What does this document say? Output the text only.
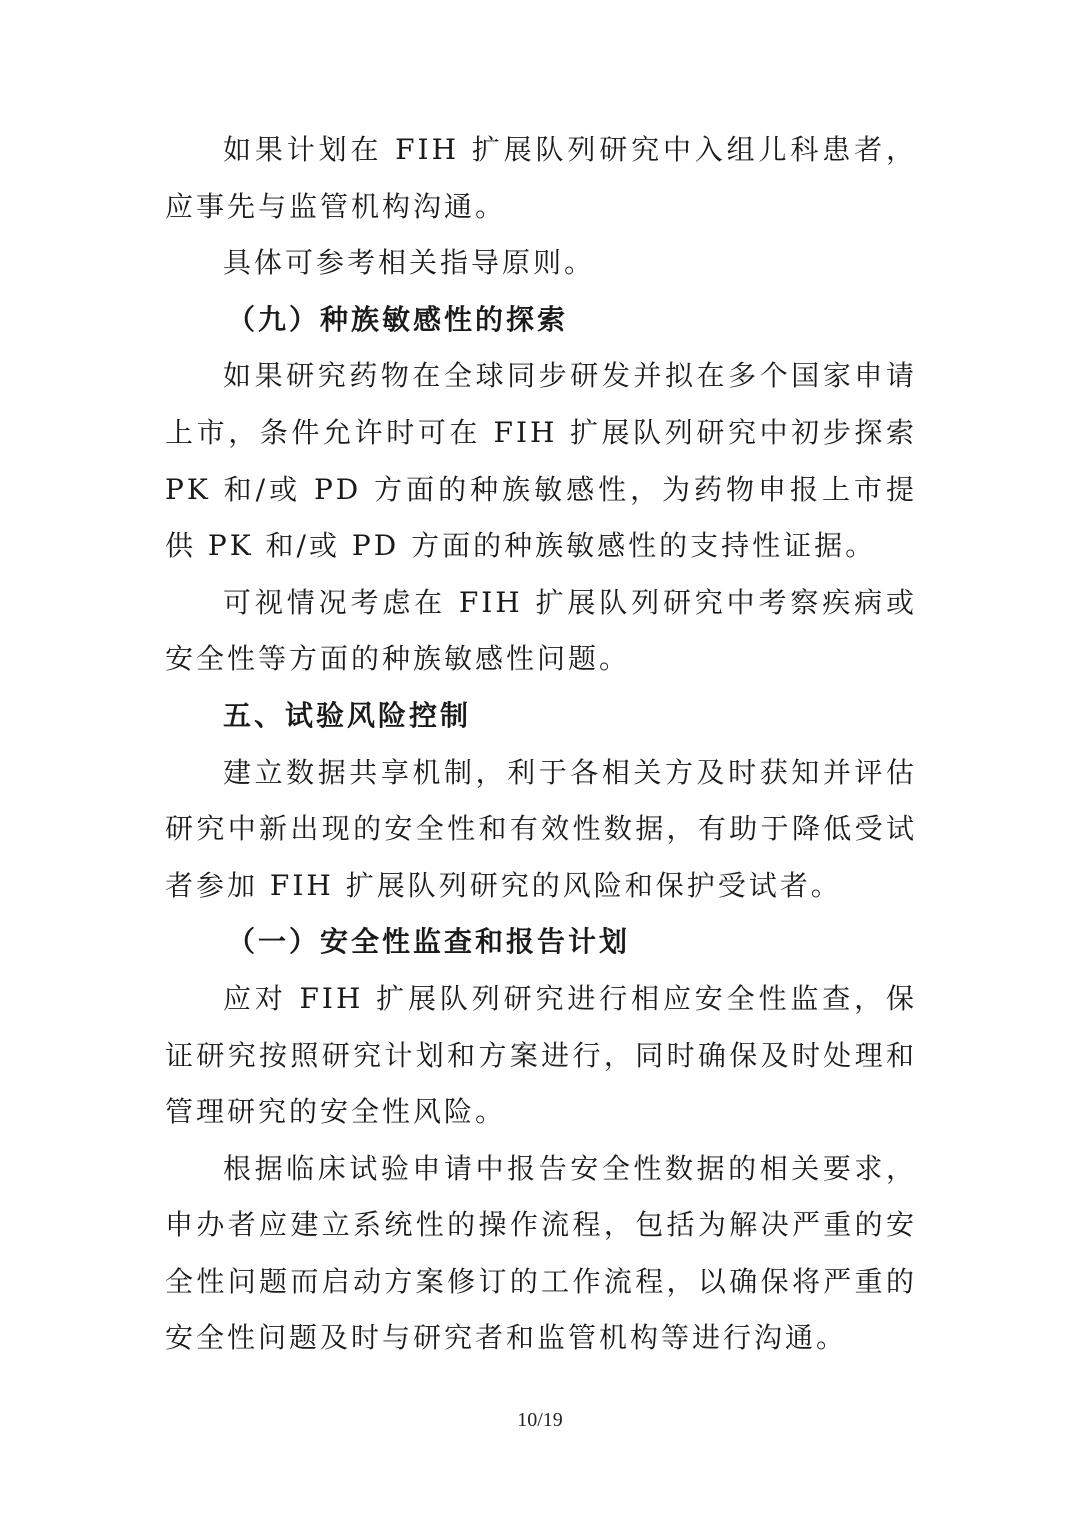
如果计划在 FIH 扩展队列研究中入组儿科患者，应事先与监管机构沟通。

具体可参考相关指导原则。

（九）种族敏感性的探索

如果研究药物在全球同步研发并拟在多个国家申请上市，条件允许时可在 FIH 扩展队列研究中初步探索 PK 和/或 PD 方面的种族敏感性，为药物申报上市提供 PK 和/或 PD 方面的种族敏感性的支持性证据。

可视情况考虑在 FIH 扩展队列研究中考察疾病或安全性等方面的种族敏感性问题。

五、试验风险控制

建立数据共享机制，利于各相关方及时获知并评估研究中新出现的安全性和有效性数据，有助于降低受试者参加 FIH 扩展队列研究的风险和保护受试者。

（一）安全性监查和报告计划

应对 FIH 扩展队列研究进行相应安全性监查，保证研究按照研究计划和方案进行，同时确保及时处理和管理研究的安全性风险。

根据临床试验申请中报告安全性数据的相关要求，申办者应建立系统性的操作流程，包括为解决严重的安全性问题而启动方案修订的工作流程，以确保将严重的安全性问题及时与研究者和监管机构等进行沟通。

10/19
